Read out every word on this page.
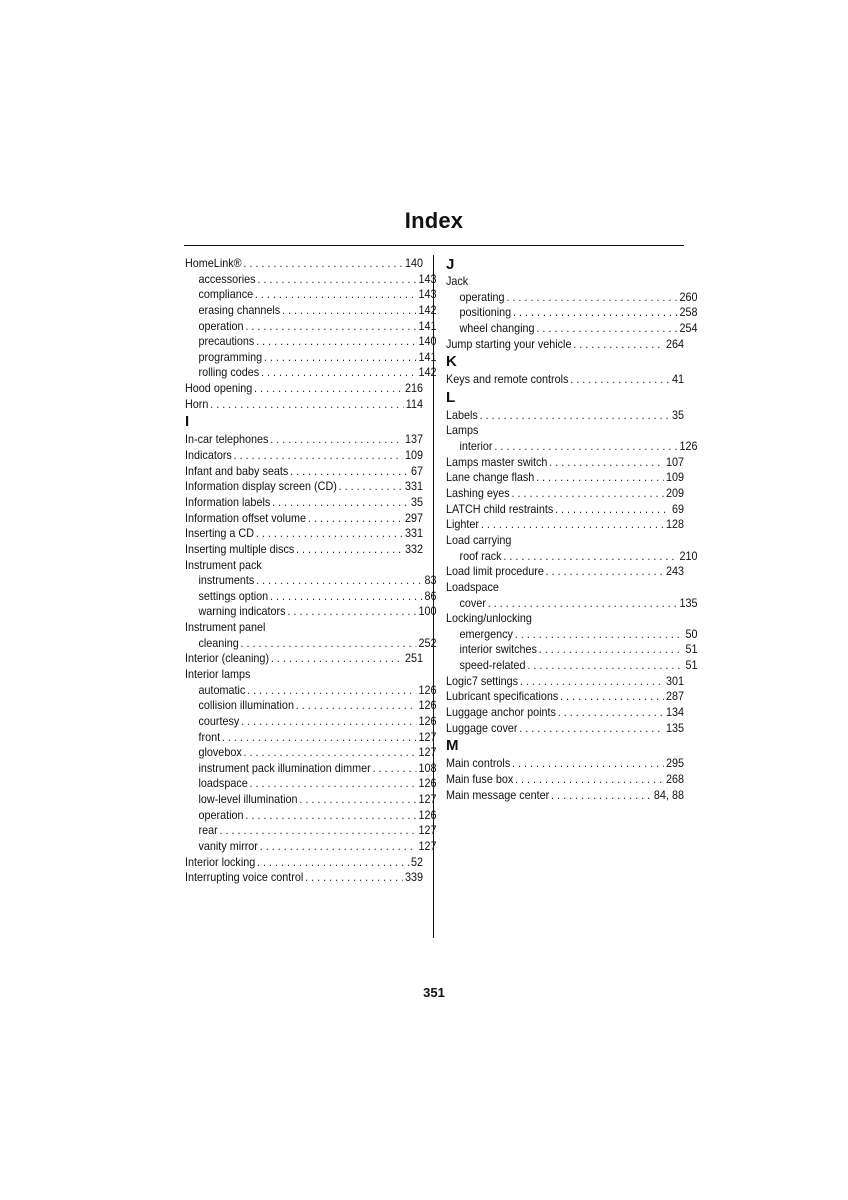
Index
HomeLink® . . .	140
accessories . . .	143
compliance . . .	143
erasing channels . . .	142
operation . . .	141
precautions . . .	140
programming . . .	141
rolling codes . . .	142
Hood opening . . .	216
Horn . . .	114
I
In-car telephones . . .	137
Indicators . . .	109
Infant and baby seats . . .	67
Information display screen (CD) . . .	331
Information labels . . .	35
Information offset volume . . .	297
Inserting a CD . . .	331
Inserting multiple discs . . .	332
Instrument pack
instruments . . .	83
settings option . . .	86
warning indicators . . .	100
Instrument panel
cleaning . . .	252
Interior (cleaning) . . .	251
Interior lamps
automatic . . .	126
collision illumination . . .	126
courtesy . . .	126
front . . .	127
glovebox . . .	127
instrument pack illumination dimmer . . .	108
loadspace . . .	126
low-level illumination . . .	127
operation . . .	126
rear . . .	127
vanity mirror . . .	127
Interior locking . . .	52
Interrupting voice control . . .	339
J
Jack
operating . . .	260
positioning . . .	258
wheel changing . . .	254
Jump starting your vehicle . . .	264
K
Keys and remote controls . . .	41
L
Labels . . .	35
Lamps
interior . . .	126
Lamps master switch . . .	107
Lane change flash . . .	109
Lashing eyes . . .	209
LATCH child restraints . . .	69
Lighter . . .	128
Load carrying
roof rack . . .	210
Load limit procedure . . .	243
Loadspace
cover . . .	135
Locking/unlocking
emergency . . .	50
interior switches . . .	51
speed-related . . .	51
Logic7 settings . . .	301
Lubricant specifications . . .	287
Luggage anchor points . . .	134
Luggage cover . . .	135
M
Main controls . . .	295
Main fuse box . . .	268
Main message center . . .	84, 88
351
